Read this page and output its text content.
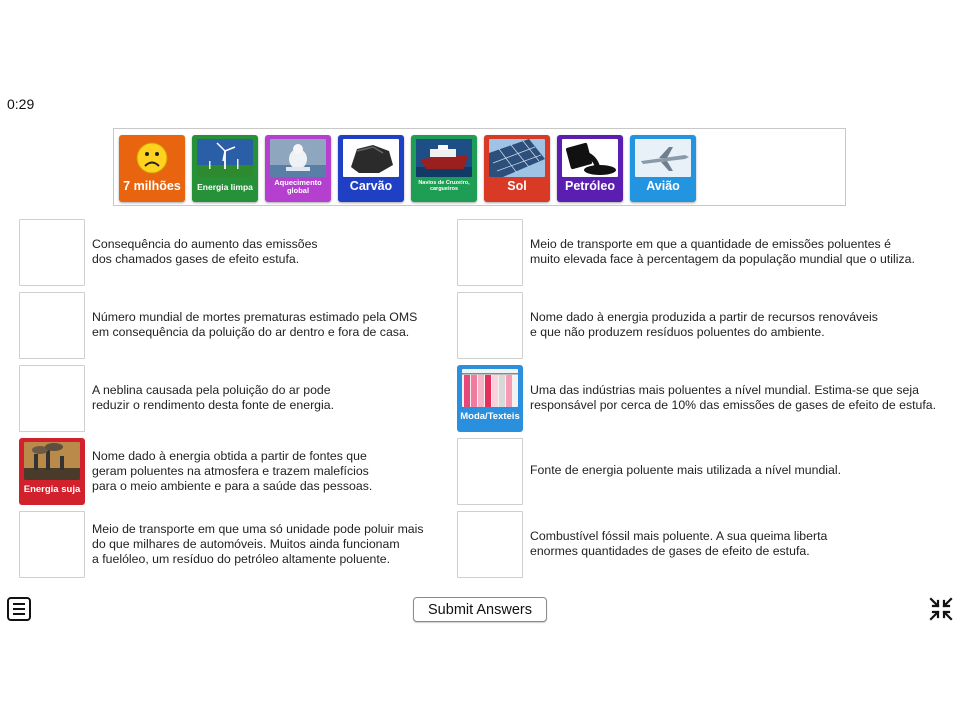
0:29
7 milhões	Energia limpa	Aquecimento global	Carvão	Navios de Cruzeiro, cargueiros	Sol	Petróleo	Avião
Consequência do aumento das emissões
dos chamados gases de efeito estufa.
Número mundial de mortes prematuras estimado pela OMS
em consequência da poluição do ar dentro e fora de casa.
A neblina causada pela poluição do ar pode
reduzir o rendimento desta fonte de energia.
Energia suja
Nome dado à energia obtida a partir de fontes que
geram poluentes na atmosfera e trazem malefícios
para o meio ambiente e para a saúde das pessoas.
Meio de transporte em que uma só unidade pode poluir mais
do que milhares de automóveis. Muitos ainda funcionam
a fuelóleo, um resíduo do petróleo altamente poluente.
Meio de transporte em que a quantidade de emissões poluentes é
muito elevada face à percentagem da população mundial que o utiliza.
Nome dado à energia produzida a partir de recursos renováveis
e que não produzem resíduos poluentes do ambiente.
Moda/Texteis
Uma das indústrias mais poluentes a nível mundial. Estima-se que seja
responsável por cerca de 10% das emissões de gases de efeito de estufa.
Fonte de energia poluente mais utilizada a nível mundial.
Combustível fóssil mais poluente. A sua queima liberta
enormes quantidades de gases de efeito de estufa.
Submit Answers
